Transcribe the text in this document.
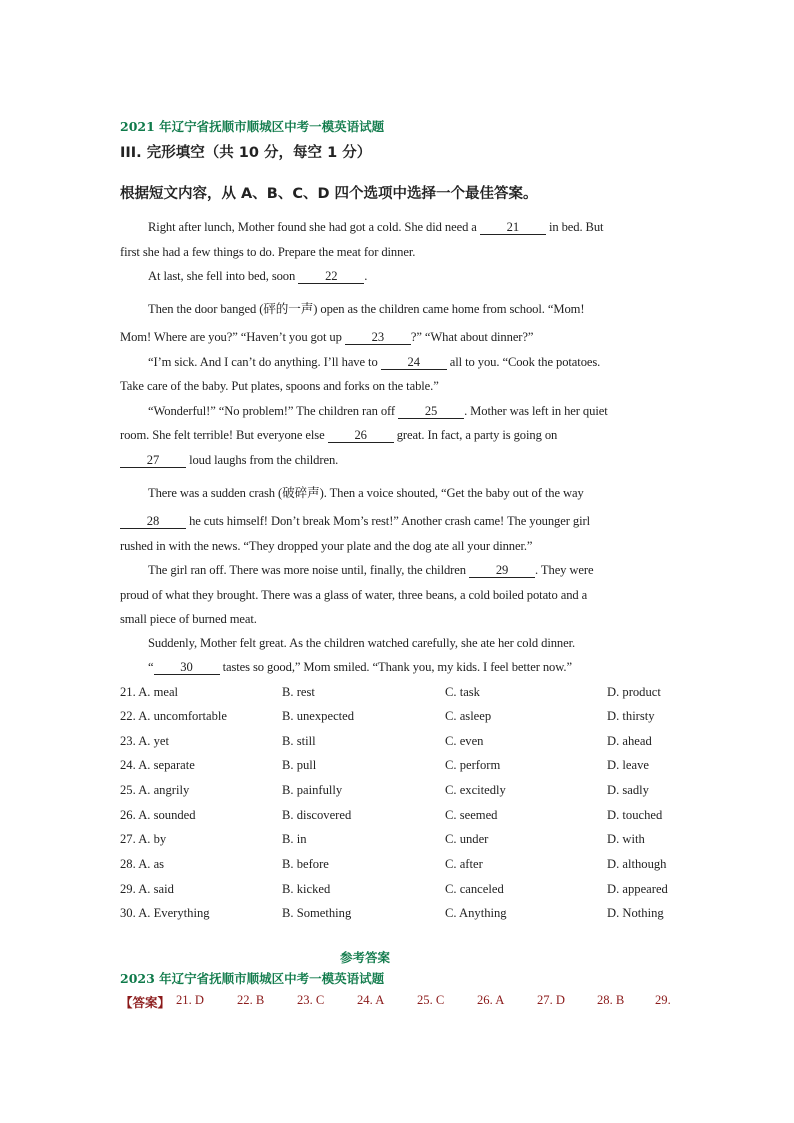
2021 年辽宁省抚顺市顺城区中考一模英语试题
III. 完形填空（共 10 分，每空 1 分）
根据短文内容，从 A、B、C、D 四个选项中选择一个最佳答案。
Right after lunch, Mother found she had got a cold. She did need a 21 in bed. But
first she had a few things to do. Prepare the meat for dinner.
At last, she fell into bed, soon 22 .
Then the door banged (砰的一声) open as the children came home from school. “Mom!
Mom! Where are you?” “Haven’t you got up 23 ?” “What about dinner?”
“I’m sick. And I can’t do anything. I’ll have to 24 all to you. “Cook the potatoes.
Take care of the baby. Put plates, spoons and forks on the table.”
“Wonderful!” “No problem!” The children ran off 25 . Mother was left in her quiet
room. She felt terrible! But everyone else 26 great. In fact, a party is going on
27 loud laughs from the children.
There was a sudden crash (破碎声). Then a voice shouted, “Get the baby out of the way
28 he cuts himself! Don’t break Mom’s rest!” Another crash came! The younger girl
rushed in with the news. “They dropped your plate and the dog ate all your dinner.”
The girl ran off. There was more noise until, finally, the children 29 . They were
proud of what they brought. There was a glass of water, three beans, a cold boiled potato and a
small piece of burned meat.
Suddenly, Mother felt great. As the children watched carefully, she ate her cold dinner.
“ 30 tastes so good,” Mom smiled. “Thank you, my kids. I feel better now.”
21. A. meal	B. rest	C. task	D. product
22. A. uncomfortable	B. unexpected	C. asleep	D. thirsty
23. A. yet	B. still	C. even	D. ahead
24. A. separate	B. pull	C. perform	D. leave
25. A. angrily	B. painfully	C. excitedly	D. sadly
26. A. sounded	B. discovered	C. seemed	D. touched
27. A. by	B. in	C. under	D. with
28. A. as	B. before	C. after	D. although
29. A. said	B. kicked	C. canceled	D. appeared
30. A. Everything	B. Something	C. Anything	D. Nothing
参考答案
2023 年辽宁省抚顺市顺城区中考一模英语试题
【答案】 21. D	22. B	23. C	24. A	25. C	26. A	27. D	28. B 29.
